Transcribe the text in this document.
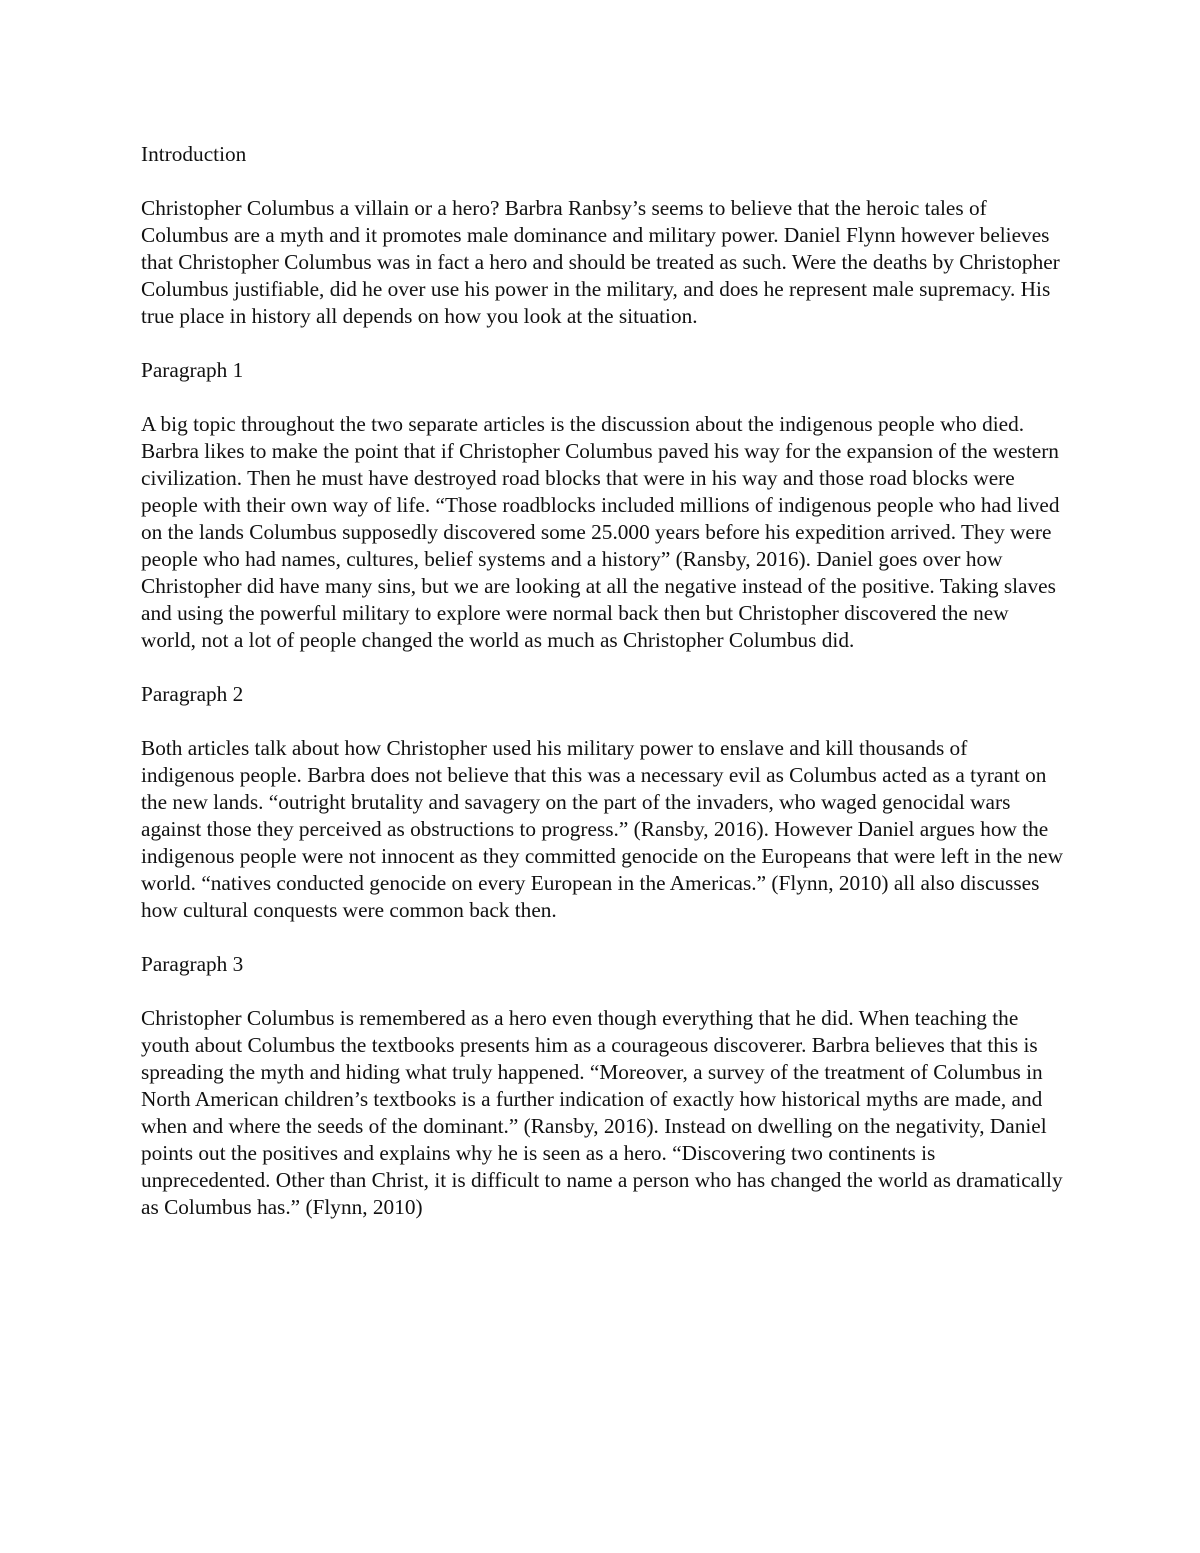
Introduction

Christopher Columbus a villain or a hero? Barbra Ranbsy’s seems to believe that the heroic tales of Columbus are a myth and it promotes male dominance and military power. Daniel Flynn however believes that Christopher Columbus was in fact a hero and should be treated as such. Were the deaths by Christopher Columbus justifiable, did he over use his power in the military, and does he represent male supremacy. His true place in history all depends on how you look at the situation.

Paragraph 1

A big topic throughout the two separate articles is the discussion about the indigenous people who died. Barbra likes to make the point that if Christopher Columbus paved his way for the expansion of the western civilization. Then he must have destroyed road blocks that were in his way and those road blocks were people with their own way of life. “Those roadblocks included millions of indigenous people who had lived on the lands Columbus supposedly discovered some 25.000 years before his expedition arrived. They were people who had names, cultures, belief systems and a history” (Ransby, 2016). Daniel goes over how Christopher did have many sins, but we are looking at all the negative instead of the positive. Taking slaves and using the powerful military to explore were normal back then but Christopher discovered the new world, not a lot of people changed the world as much as Christopher Columbus did.

Paragraph 2

Both articles talk about how Christopher used his military power to enslave and kill thousands of indigenous people. Barbra does not believe that this was a necessary evil as Columbus acted as a tyrant on the new lands. “outright brutality and savagery on the part of the invaders, who waged genocidal wars against those they perceived as obstructions to progress.” (Ransby, 2016). However Daniel argues how the indigenous people were not innocent as they committed genocide on the Europeans that were left in the new world. “natives conducted genocide on every European in the Americas.” (Flynn, 2010) all also discusses how cultural conquests were common back then.

Paragraph 3

Christopher Columbus is remembered as a hero even though everything that he did. When teaching the youth about Columbus the textbooks presents him as a courageous discoverer. Barbra believes that this is spreading the myth and hiding what truly happened. “Moreover, a survey of the treatment of Columbus in North American children’s textbooks is a further indication of exactly how historical myths are made, and when and where the seeds of the dominant.” (Ransby, 2016). Instead on dwelling on the negativity, Daniel points out the positives and explains why he is seen as a hero. “Discovering two continents is unprecedented. Other than Christ, it is difficult to name a person who has changed the world as dramatically as Columbus has.” (Flynn, 2010)
